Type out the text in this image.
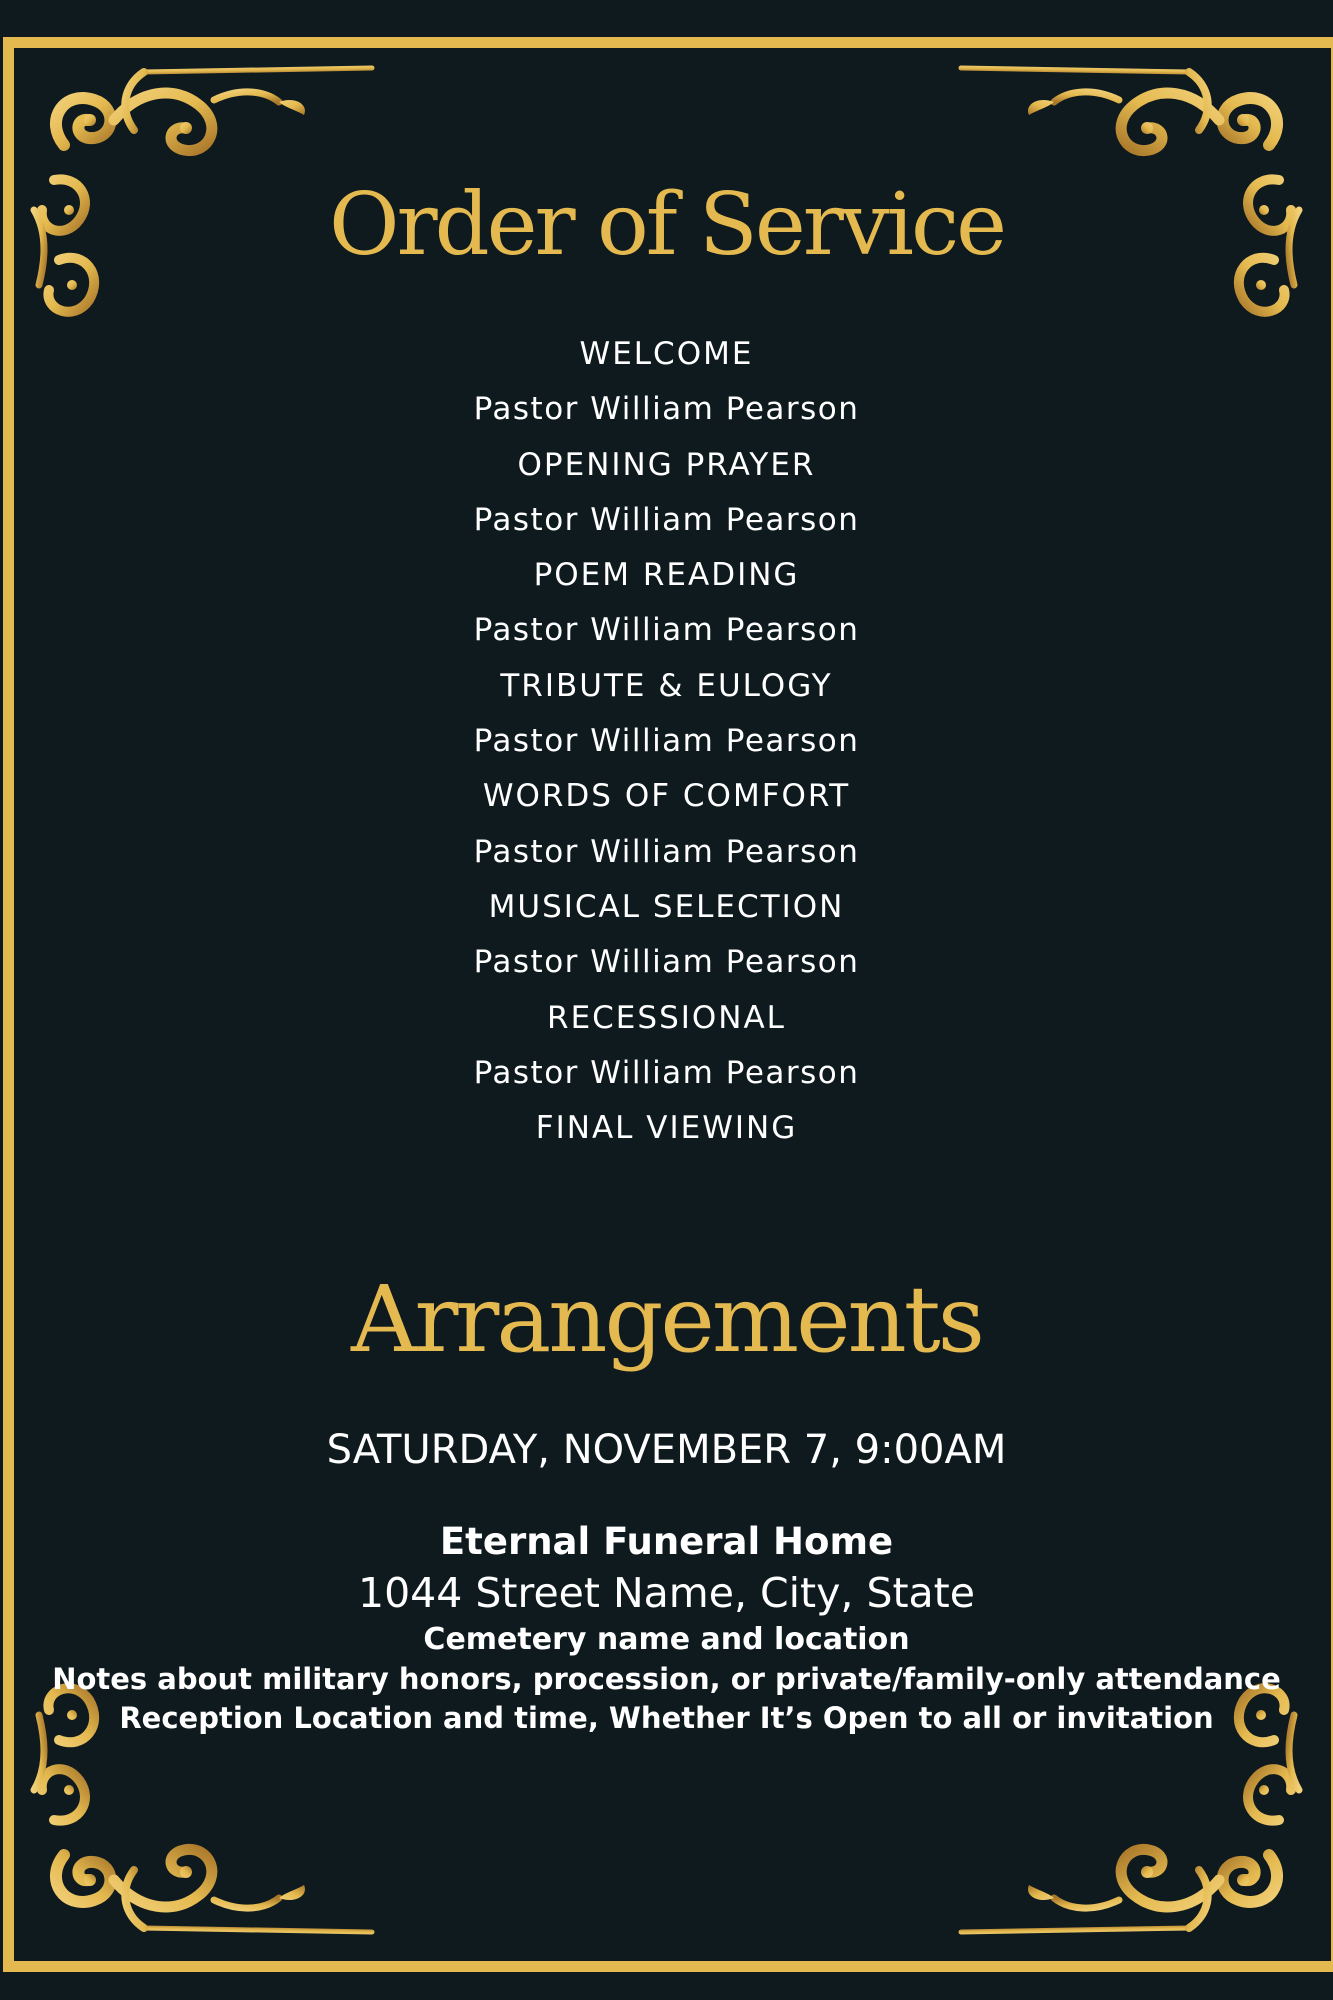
Order of Service
WELCOME
Pastor William Pearson
OPENING PRAYER
Pastor William Pearson
POEM READING
Pastor William Pearson
TRIBUTE & EULOGY
Pastor William Pearson
WORDS OF COMFORT
Pastor William Pearson
MUSICAL SELECTION
Pastor William Pearson
RECESSIONAL
Pastor William Pearson
FINAL VIEWING
Arrangements
SATURDAY, NOVEMBER 7, 9:00AM
Eternal Funeral Home
1044 Street Name, City, State
Cemetery name and location
Notes about military honors, procession, or private/family-only attendance
Reception Location and time, Whether It’s Open to all or invitation
